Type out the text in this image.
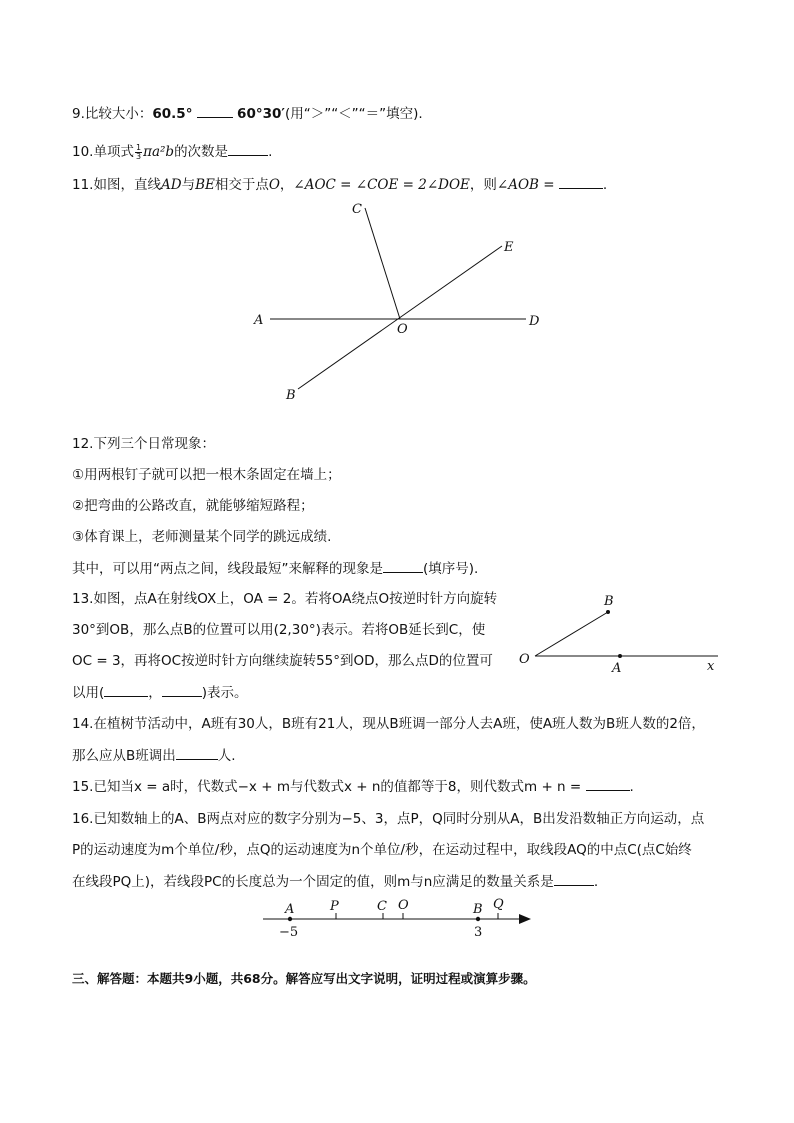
9.比较大小：60.5°	60°30′(用“＞”“＜”“＝”填空).
10.单项式 $\frac{1}{3} \pi a^2b$的次数是	.
11.如图，直线AD与BE相交于点O，∠AOC = ∠COE = 2∠DOE，则∠AOB =	.
A	D
O
E
C
B
12.下列三个日常现象：
①用两根钉子就可以把一根木条固定在墙上；
②把弯曲的公路改直，就能够缩短路程；
③体育课上，老师测量某个同学的跳远成绩.
其中，可以用“两点之间，线段最短”来解释的现象是	(填序号).
13.如图，点A在射线OX上，OA = 2。若将OA绕点O按逆时针方向旋转
30°到OB，那么点B的位置可以用(2,30°)表示。若将OB延长到C，使
OC = 3，再将OC按逆时针方向继续旋转55°到OD，那么点D的位置可
以用(	，	)表示。
O
A
B
x
14.在植树节活动中，A班有30人，B班有21人，现从B班调一部分人去A班，使A班人数为B班人数的2倍，
那么应从B班调出	人.
15.已知当x = a时，代数式−x + m与代数式x + n的值都等于8，则代数式m + n =	.
16.已知数轴上的A、B两点对应的数字分别为−5、3，点P，Q同时分别从A，B出发沿数轴正方向运动，点
P的运动速度为m个单位/秒，点Q的运动速度为n个单位/秒，在运动过程中，取线段AQ的中点C(点C始终
在线段PQ上)，若线段PC的长度总为一个固定的值，则m与n应满足的数量关系是	.
A	P	C O	B Q
−5	3
三、解答题：本题共9小题，共68分。解答应写出文字说明，证明过程或演算步骤。
